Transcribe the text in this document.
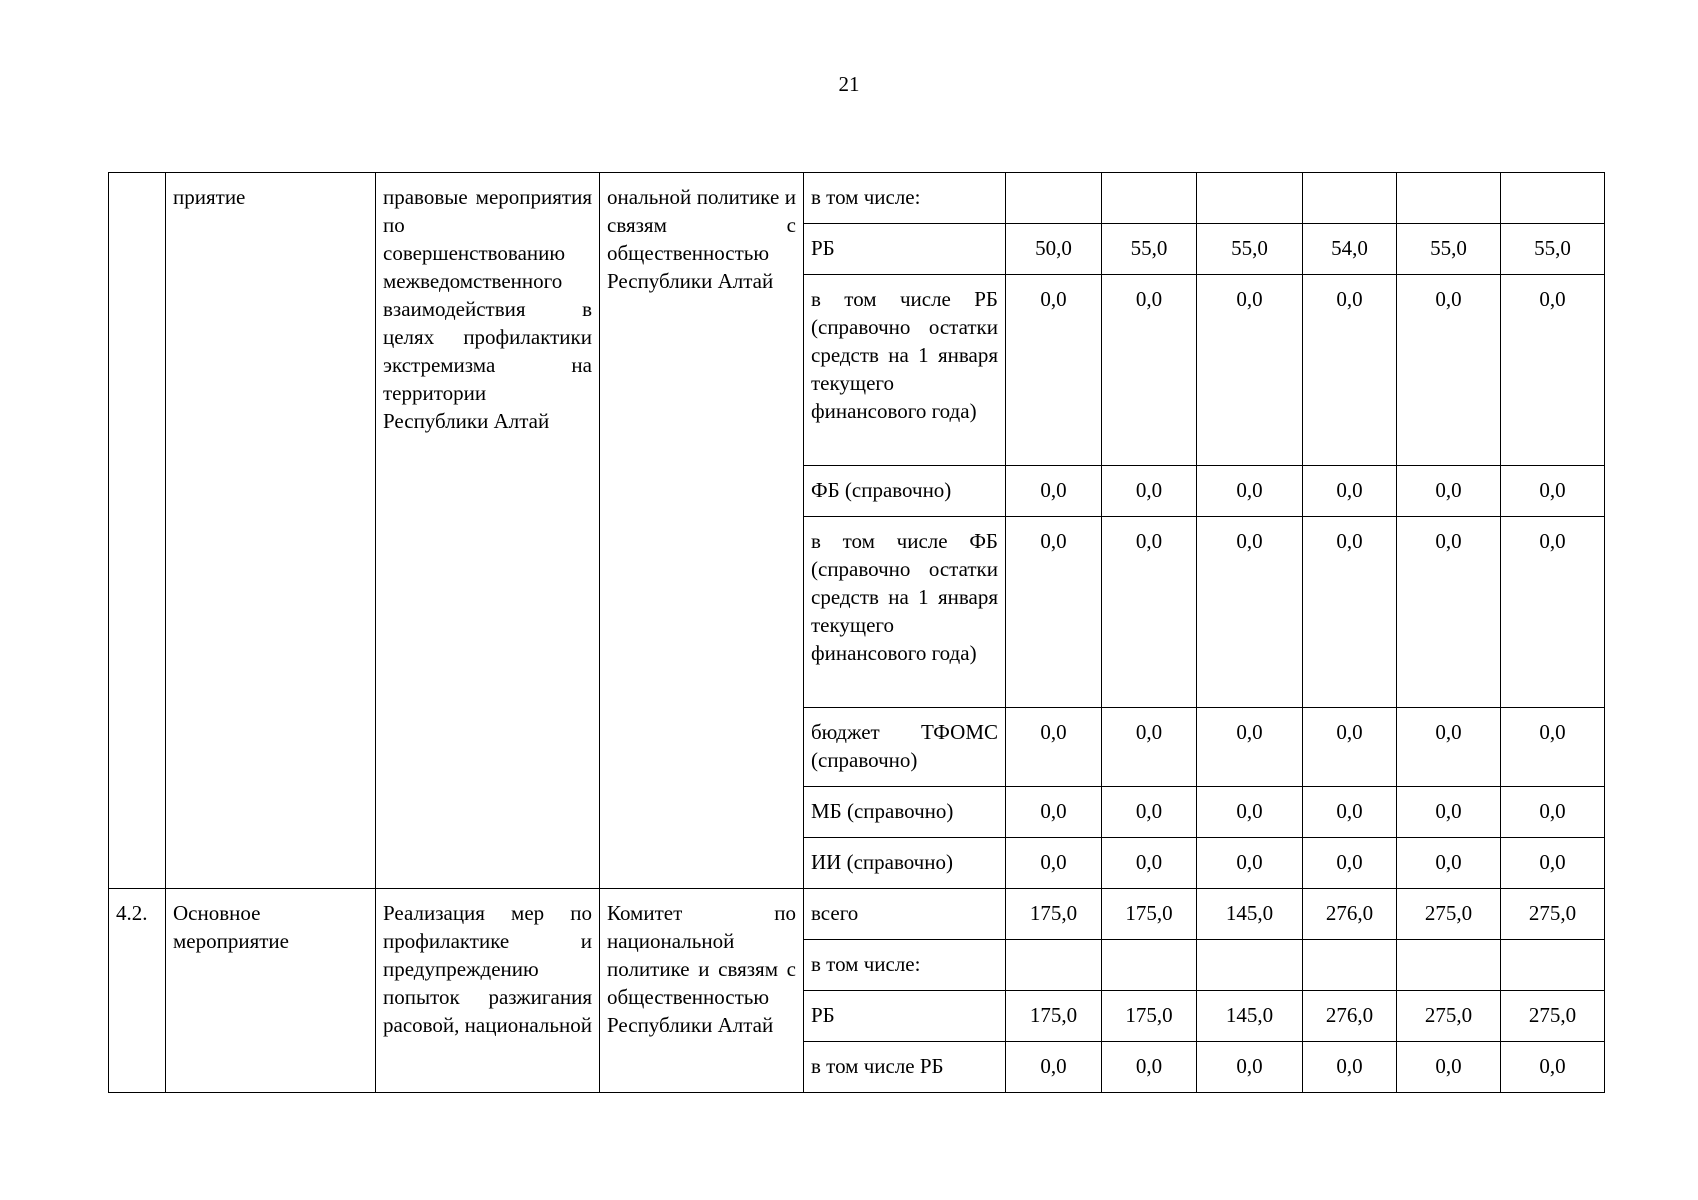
21
	приятие	правовые мероприятия по совершенствованию межведомственного взаимодействия в целях профилактики экстремизма на территории Республики Алтай	ональной политике и связям с общественностью Республики Алтай	в том числе:						
				РБ	50,0	55,0	55,0	54,0	55,0	55,0
				в том числе РБ (справочно остатки средств на 1 января текущего финансового года)	0,0	0,0	0,0	0,0	0,0	0,0
				ФБ (справочно)	0,0	0,0	0,0	0,0	0,0	0,0
				в том числе ФБ (справочно остатки средств на 1 января текущего финансового года)	0,0	0,0	0,0	0,0	0,0	0,0
				бюджет ТФОМС (справочно)	0,0	0,0	0,0	0,0	0,0	0,0
				МБ (справочно)	0,0	0,0	0,0	0,0	0,0	0,0
				ИИ (справочно)	0,0	0,0	0,0	0,0	0,0	0,0
4.2.	Основное мероприятие	Реализация мер по профилактике и предупреждению попыток разжигания расовой, национальной	Комитет по национальной политике и связям с общественностью Республики Алтай	всего	175,0	175,0	145,0	276,0	275,0	275,0
				в том числе:						
				РБ	175,0	175,0	145,0	276,0	275,0	275,0
				в том числе РБ	0,0	0,0	0,0	0,0	0,0	0,0
